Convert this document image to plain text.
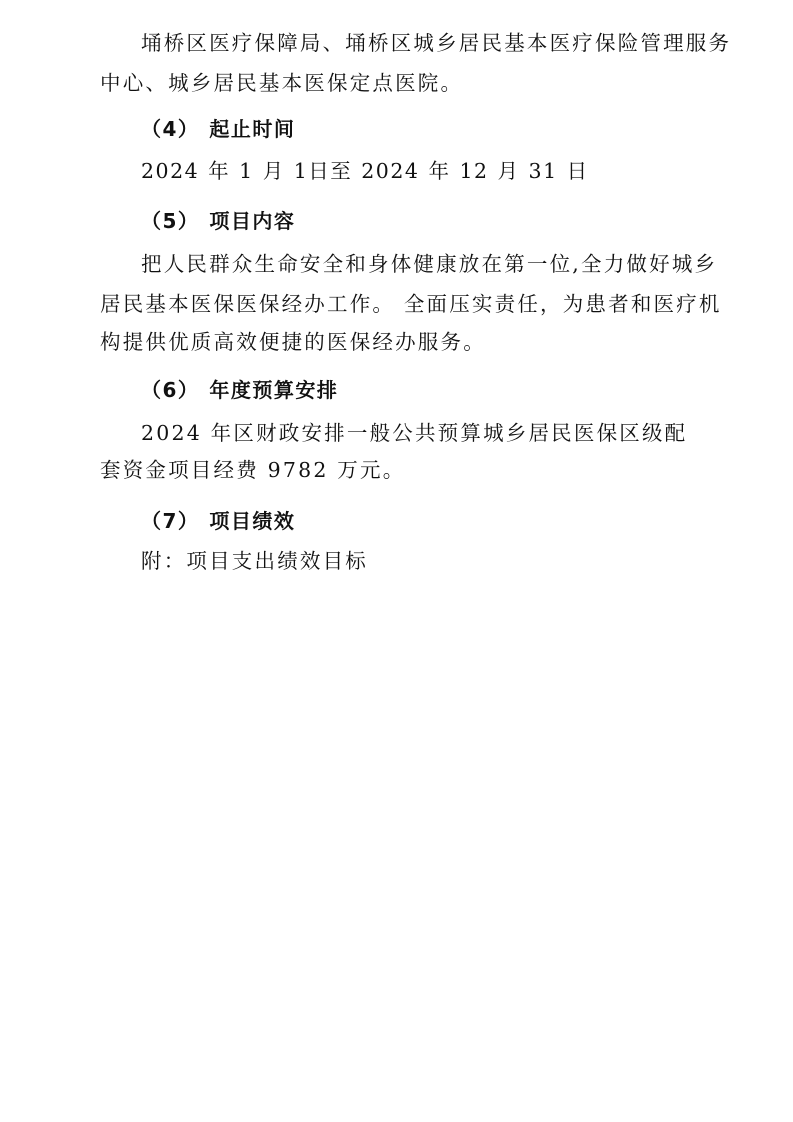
埇桥区医疗保障局、埇桥区城乡居民基本医疗保险管理服务
中心、城乡居民基本医保定点医院。
（4） 起止时间
2024 年 1 月 1日至 2024 年 12 月 31 日
（5） 项目内容
把人民群众生命安全和身体健康放在第一位,全力做好城乡
居民基本医保医保经办工作。 全面压实责任，为患者和医疗机
构提供优质高效便捷的医保经办服务。
（6） 年度预算安排
2024 年区财政安排一般公共预算城乡居民医保区级配
套资金项目经费 9782 万元。
（7） 项目绩效
附：项目支出绩效目标
